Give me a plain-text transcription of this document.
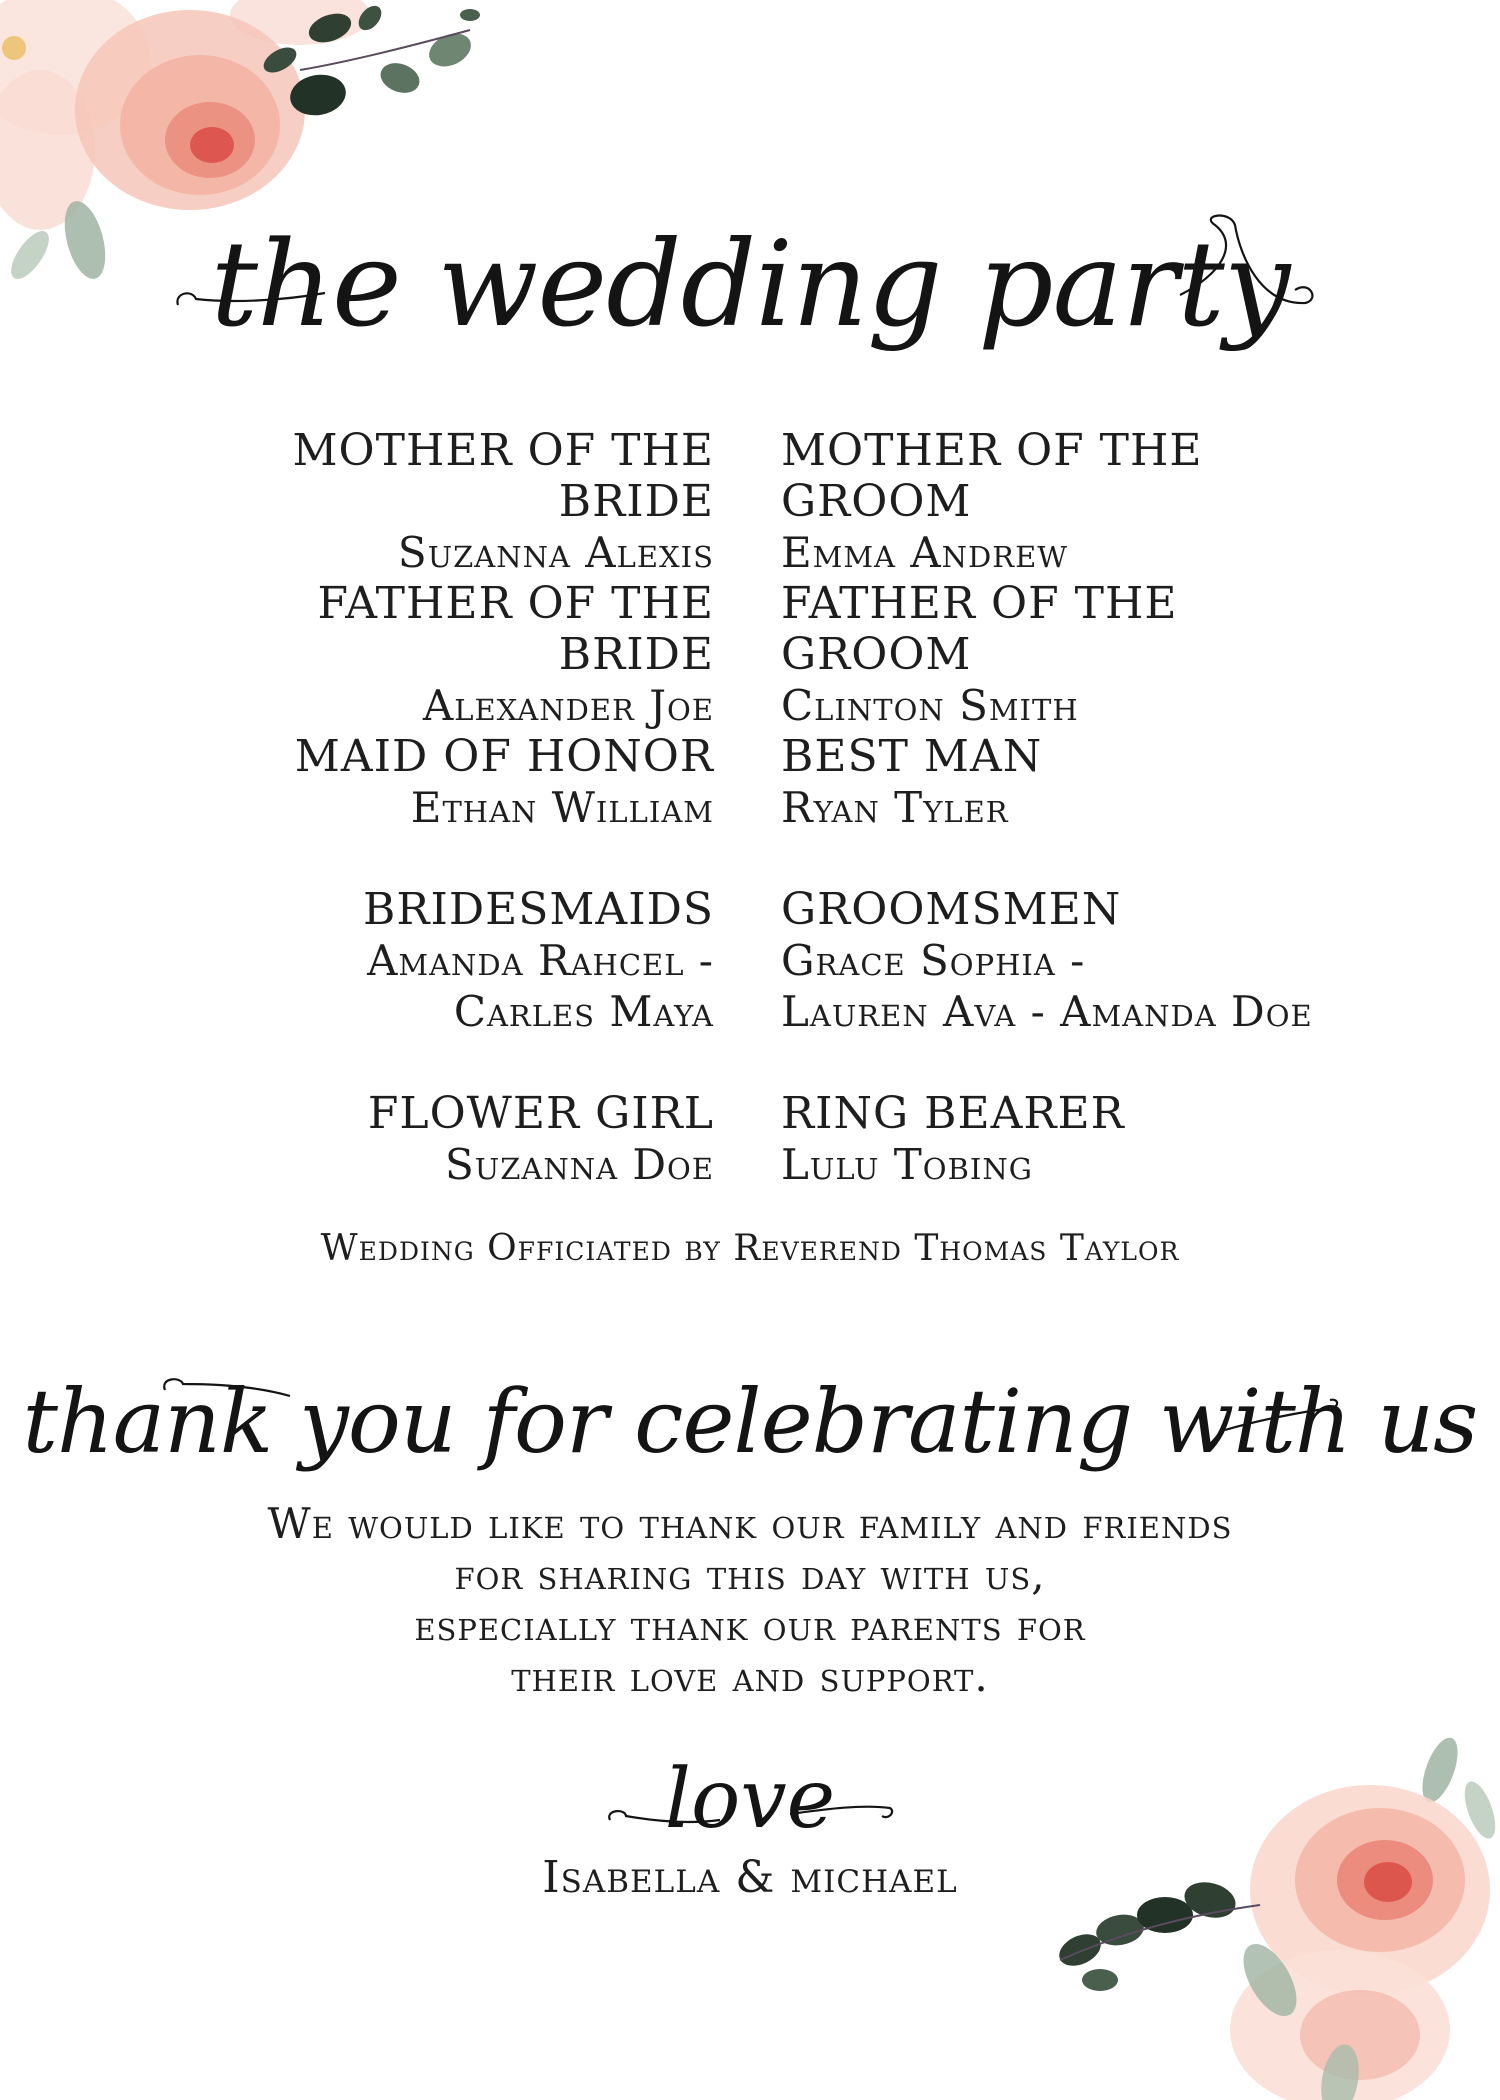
the wedding party
MOTHER OF THE BRIDE
Suzanna Alexis
MOTHER OF THE GROOM
Emma Andrew
FATHER OF THE BRIDE
Alexander Joe
FATHER OF THE GROOM
Clinton Smith
MAID OF HONOR
Ethan William
BEST MAN
Ryan Tyler
BRIDESMAIDS
Amanda Rahcel -
Carles Maya
GROOMSMEN
Grace Sophia -
Lauren Ava - Amanda Doe
FLOWER GIRL
Suzanna Doe
RING BEARER
Lulu Tobing
Wedding Officiated by Reverend Thomas Taylor
thank you for celebrating with us
We would like to thank our family and friends
for sharing this day with us,
especially thank our parents for
their love and support.
love
Isabella & michael
